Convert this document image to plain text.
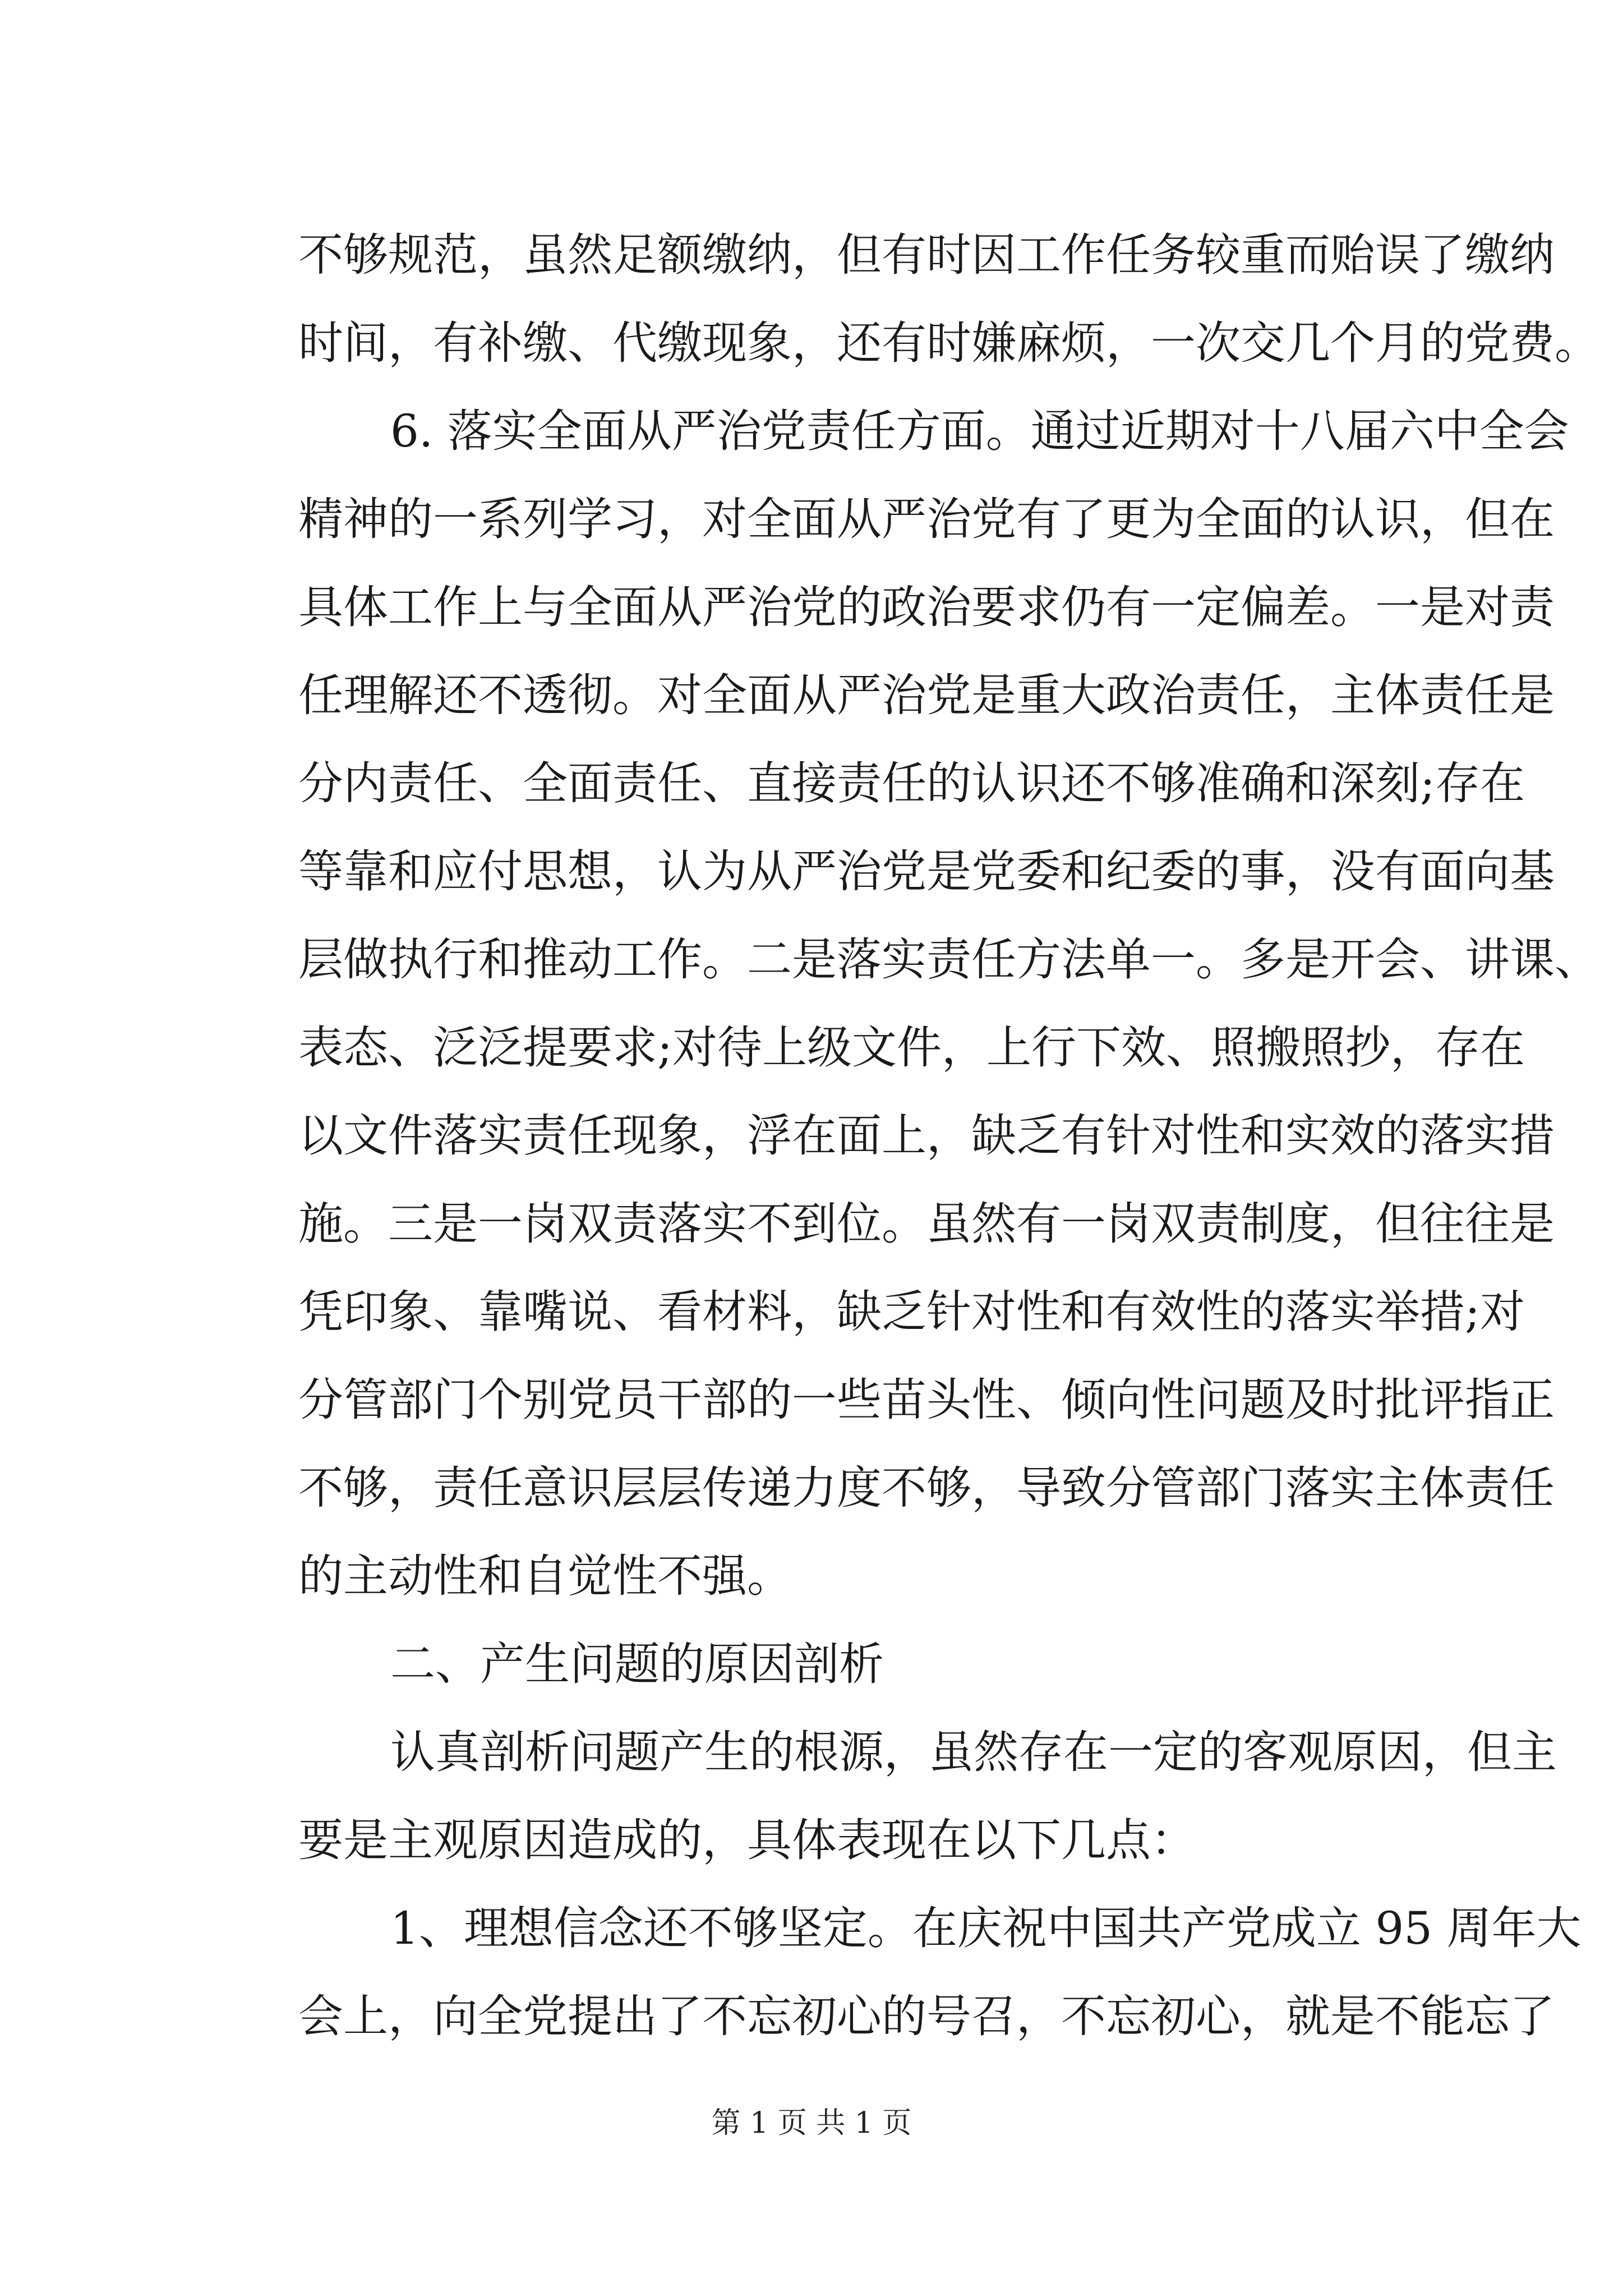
不够规范，虽然足额缴纳，但有时因工作任务较重而贻误了缴纳
时间，有补缴、代缴现象，还有时嫌麻烦，一次交几个月的党费。
6. 落实全面从严治党责任方面。通过近期对十八届六中全会
精神的一系列学习，对全面从严治党有了更为全面的认识，但在
具体工作上与全面从严治党的政治要求仍有一定偏差。一是对责
任理解还不透彻。对全面从严治党是重大政治责任，主体责任是
分内责任、全面责任、直接责任的认识还不够准确和深刻;存在
等靠和应付思想，认为从严治党是党委和纪委的事，没有面向基
层做执行和推动工作。二是落实责任方法单一。多是开会、讲课、
表态、泛泛提要求;对待上级文件，上行下效、照搬照抄，存在
以文件落实责任现象，浮在面上，缺乏有针对性和实效的落实措
施。三是一岗双责落实不到位。虽然有一岗双责制度，但往往是
凭印象、靠嘴说、看材料，缺乏针对性和有效性的落实举措;对
分管部门个别党员干部的一些苗头性、倾向性问题及时批评指正
不够，责任意识层层传递力度不够，导致分管部门落实主体责任
的主动性和自觉性不强。
二、产生问题的原因剖析
认真剖析问题产生的根源，虽然存在一定的客观原因，但主
要是主观原因造成的，具体表现在以下几点：
1、理想信念还不够坚定。在庆祝中国共产党成立 95 周年大
会上，向全党提出了不忘初心的号召，不忘初心，就是不能忘了
第 1 页 共 1 页
